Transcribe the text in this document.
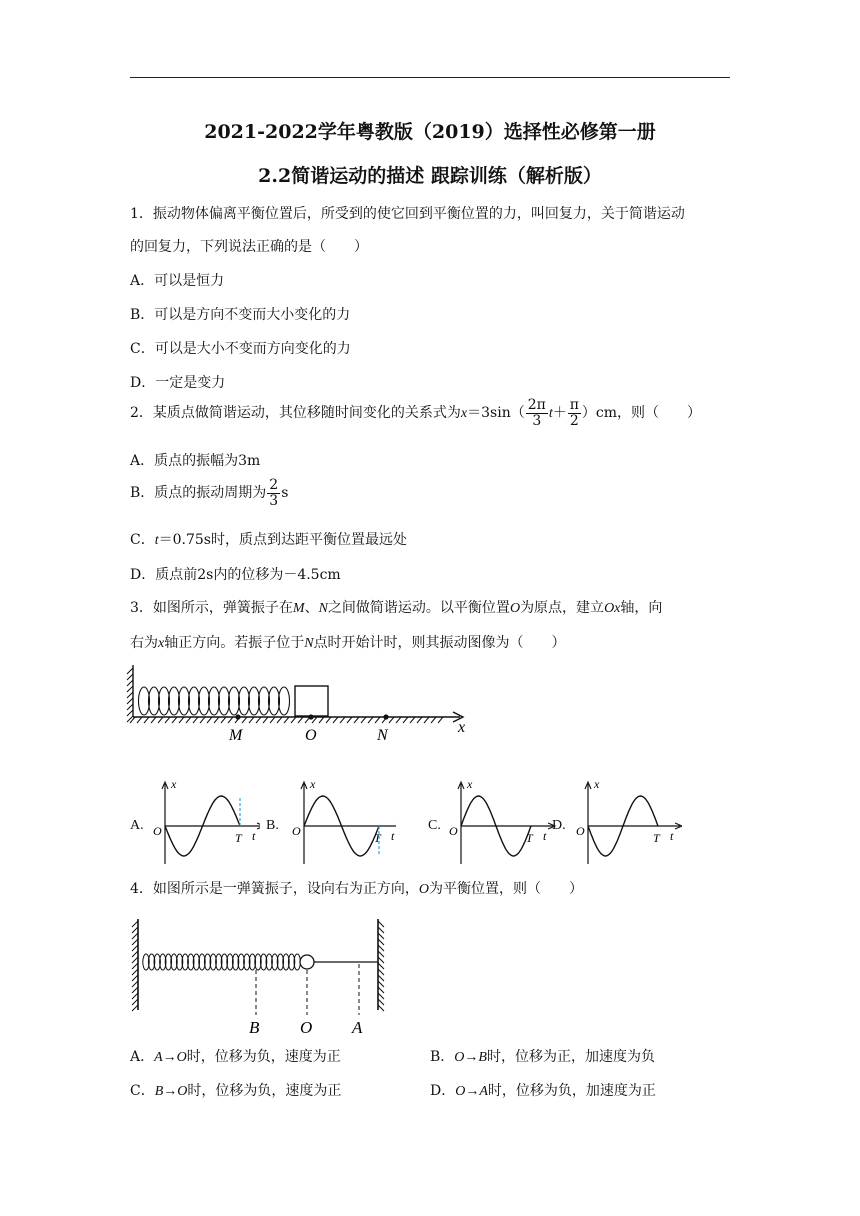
2021-2022学年粤教版（2019）选择性必修第一册
2.2简谐运动的描述 跟踪训练（解析版）
1．振动物体偏离平衡位置后，所受到的使它回到平衡位置的力，叫回复力，关于简谐运动
的回复力，下列说法正确的是（　　）
A．可以是恒力
B．可以是方向不变而大小变化的力
C．可以是大小不变而方向变化的力
D．一定是变力
2．某质点做简谐运动，其位移随时间变化的关系式为$x=3\sin( \frac{2\pi}{3} t+ \frac{\pi}{2} )cm$，则（　　）
A．质点的振幅为3m
B．质点的振动周期为 $\frac{2}{3}$ s
C．t＝0.75s时，质点到达距平衡位置最远处
D．质点前2s内的位移为－4.5cm
3．如图所示，弹簧振子在M、N之间做简谐运动。以平衡位置O为原点，建立Ox轴，向
右为x轴正方向。若振子位于N点时开始计时，则其振动图像为（　　）
M	O	N	x
A.
x
O	T t
B.
x
O	T t
C.
x
O	T t
D.
x
O	T t
4．如图所示是一弹簧振子，设向右为正方向，O为平衡位置，则（　　）
B O A
A．A→O时，位移为负，速度为正	B．O→B时，位移为正，加速度为负
C．B→O时，位移为负，速度为正	D．O→A时，位移为负，加速度为正
